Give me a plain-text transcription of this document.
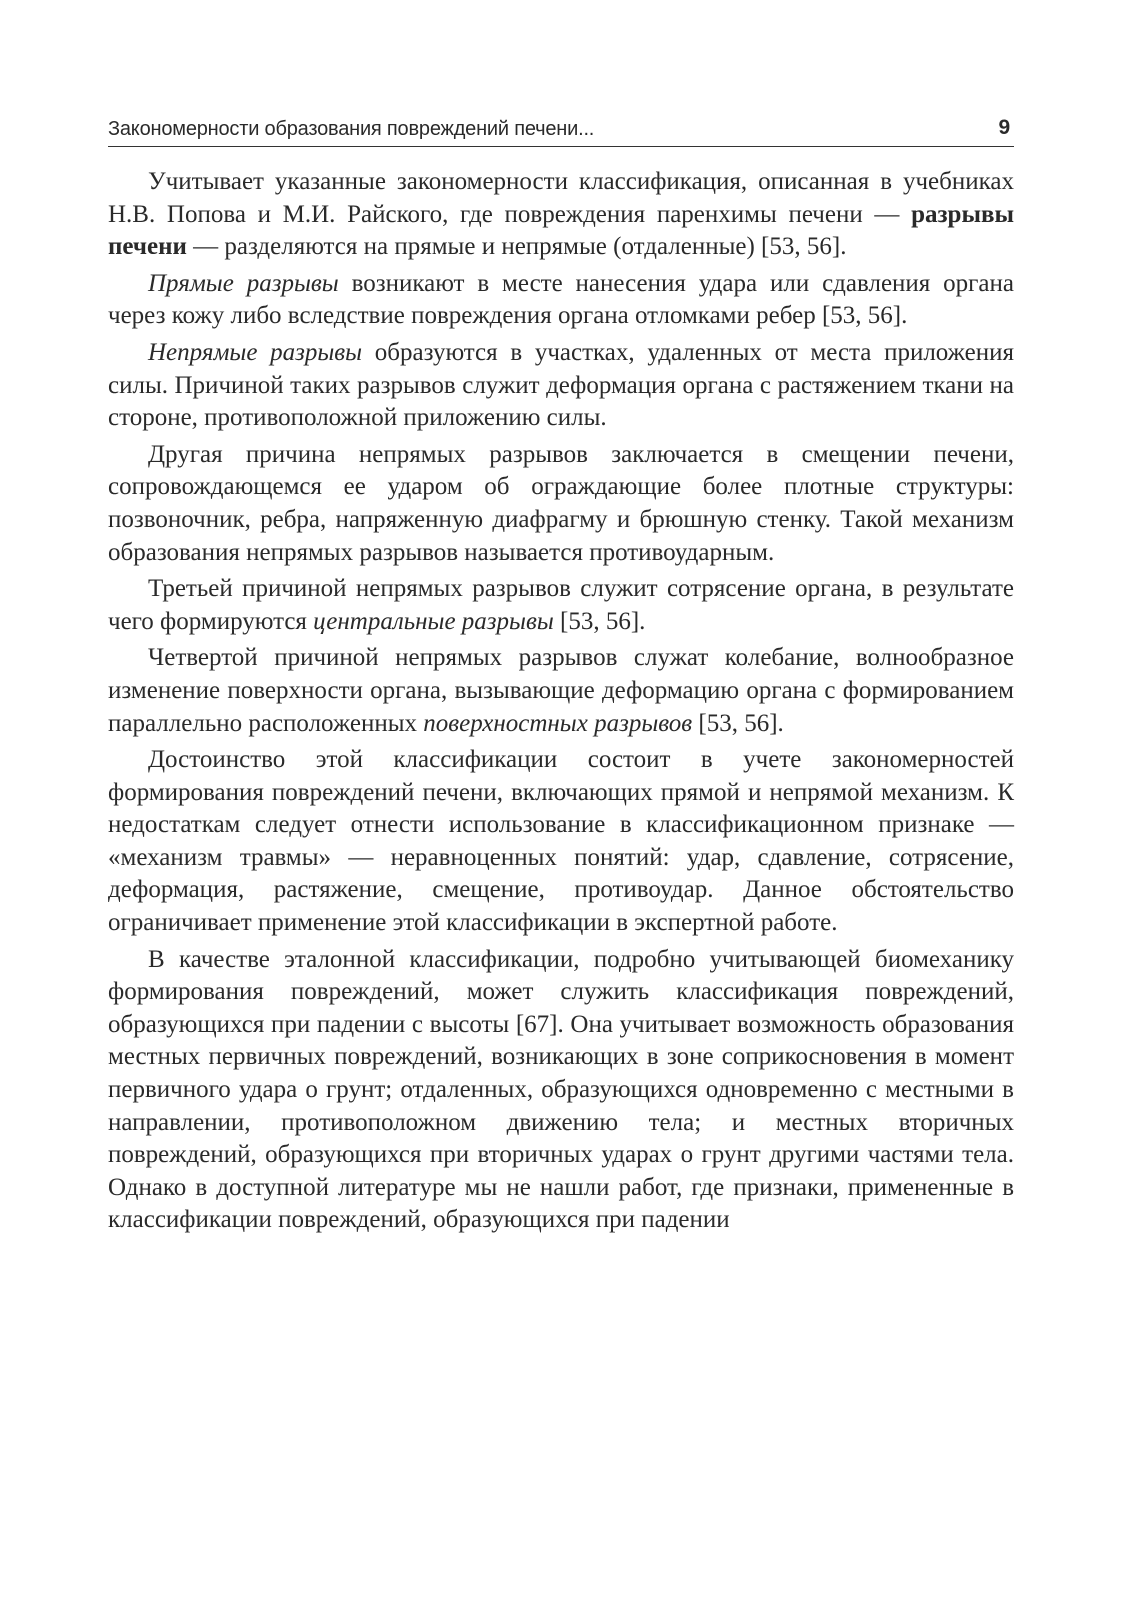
Закономерности образования повреждений печени...	9

Учитывает указанные закономерности классификация, описанная в учебниках Н.В. Попова и М.И. Райского, где повреждения паренхимы печени — разрывы печени — разделяются на прямые и непрямые (отдаленные) [53, 56].

Прямые разрывы возникают в месте нанесения удара или сдавления органа через кожу либо вследствие повреждения органа отломками ребер [53, 56].

Непрямые разрывы образуются в участках, удаленных от места приложения силы. Причиной таких разрывов служит деформация органа с растяжением ткани на стороне, противоположной приложению силы.

Другая причина непрямых разрывов заключается в смещении печени, сопровождающемся ее ударом об ограждающие более плотные структуры: позвоночник, ребра, напряженную диафрагму и брюшную стенку. Такой механизм образования непрямых разрывов называется противоударным.

Третьей причиной непрямых разрывов служит сотрясение органа, в результате чего формируются центральные разрывы [53, 56].

Четвертой причиной непрямых разрывов служат колебание, волнообразное изменение поверхности органа, вызывающие деформацию органа с формированием параллельно расположенных поверхностных разрывов [53, 56].

Достоинство этой классификации состоит в учете закономерностей формирования повреждений печени, включающих прямой и непрямой механизм. К недостаткам следует отнести использование в классификационном признаке — «механизм травмы» — неравноценных понятий: удар, сдавление, сотрясение, деформация, растяжение, смещение, противоудар. Данное обстоятельство ограничивает применение этой классификации в экспертной работе.

В качестве эталонной классификации, подробно учитывающей биомеханику формирования повреждений, может служить классификация повреждений, образующихся при падении с высоты [67]. Она учитывает возможность образования местных первичных повреждений, возникающих в зоне соприкосновения в момент первичного удара о грунт; отдаленных, образующихся одновременно с местными в направлении, противоположном движению тела; и местных вторичных повреждений, образующихся при вторичных ударах о грунт другими частями тела. Однако в доступной литературе мы не нашли работ, где признаки, примененные в классификации повреждений, образующихся при падении
